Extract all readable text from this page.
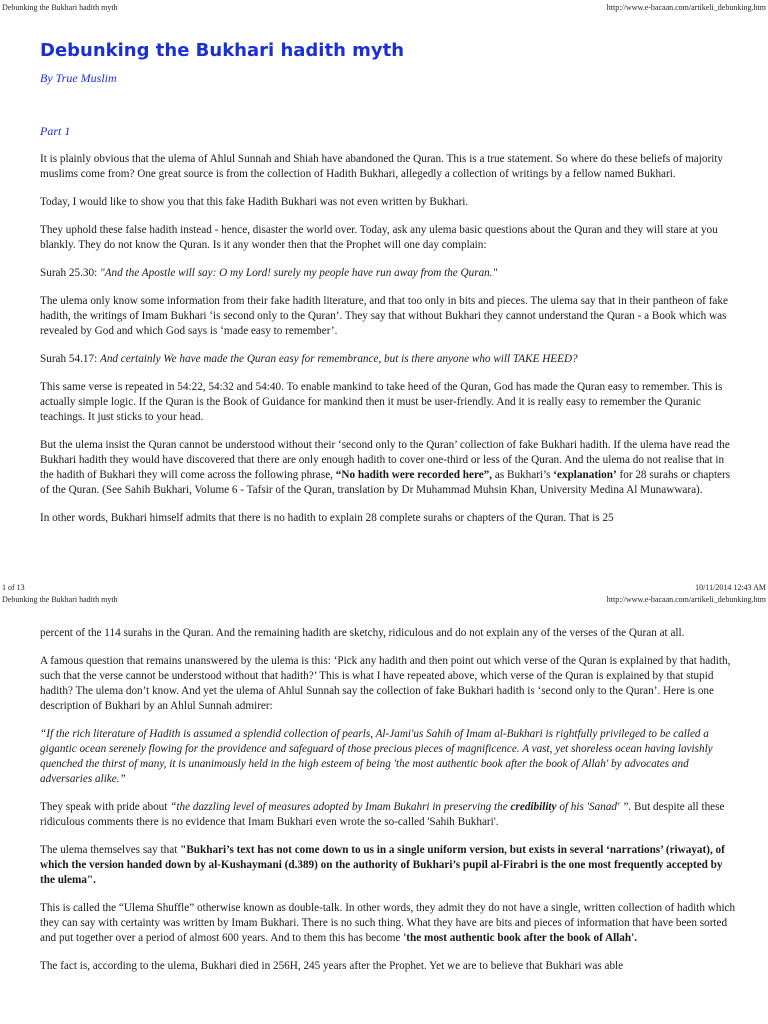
Debunking the Bukhari hadith myth	http://www.e-bacaan.com/artikeli_debunking.htm
Debunking the Bukhari hadith myth
By True Muslim
Part 1

It is plainly obvious that the ulema of Ahlul Sunnah and Shiah have abandoned the Quran. This is a true statement. So where do these beliefs of majority muslims come from? One great source is from the collection of Hadith Bukhari, allegedly a collection of writings by a fellow named Bukhari.

Today, I would like to show you that this fake Hadith Bukhari was not even written by Bukhari.

They uphold these false hadith instead - hence, disaster the world over. Today, ask any ulema basic questions about the Quran and they will stare at you blankly. They do not know the Quran. Is it any wonder then that the Prophet will one day complain:

Surah 25.30: "And the Apostle will say: O my Lord! surely my people have run away from the Quran."

The ulema only know some information from their fake hadith literature, and that too only in bits and pieces. The ulema say that in their pantheon of fake hadith, the writings of Imam Bukhari ‘is second only to the Quran’. They say that without Bukhari they cannot understand the Quran - a Book which was revealed by God and which God says is ‘made easy to remember’.

Surah 54.17: And certainly We have made the Quran easy for remembrance, but is there anyone who will TAKE HEED?

This same verse is repeated in 54:22, 54:32 and 54:40. To enable mankind to take heed of the Quran, God has made the Quran easy to remember. This is actually simple logic. If the Quran is the Book of Guidance for mankind then it must be user-friendly. And it is really easy to remember the Quranic teachings. It just sticks to your head.

But the ulema insist the Quran cannot be understood without their ‘second only to the Quran’ collection of fake Bukhari hadith. If the ulema have read the Bukhari hadith they would have discovered that there are only enough hadith to cover one-third or less of the Quran. And the ulema do not realise that in the hadith of Bukhari they will come across the following phrase, “No hadith were recorded here”, as Bukhari’s ‘explanation’ for 28 surahs or chapters of the Quran. (See Sahih Bukhari, Volume 6 - Tafsir of the Quran, translation by Dr Muhammad Muhsin Khan, University Medina Al Munawwara).

In other words, Bukhari himself admits that there is no hadith to explain 28 complete surahs or chapters of the Quran. That is 25

1 of 13	10/11/2014 12:43 AM
Debunking the Bukhari hadith myth	http://www.e-bacaan.com/artikeli_debunking.htm

percent of the 114 surahs in the Quran. And the remaining hadith are sketchy, ridiculous and do not explain any of the verses of the Quran at all.

A famous question that remains unanswered by the ulema is this: ‘Pick any hadith and then point out which verse of the Quran is explained by that hadith, such that the verse cannot be understood without that hadith?’ This is what I have repeated above, which verse of the Quran is explained by that stupid hadith? The ulema don’t know. And yet the ulema of Ahlul Sunnah say the collection of fake Bukhari hadith is ‘second only to the Quran’. Here is one description of Bukhari by an Ahlul Sunnah admirer:

“If the rich literature of Hadith is assumed a splendid collection of pearls, Al-Jami'us Sahih of Imam al-Bukhari is rightfully privileged to be called a gigantic ocean serenely flowing for the providence and safeguard of those precious pieces of magnificence. A vast, yet shoreless ocean having lavishly quenched the thirst of many, it is unanimously held in the high esteem of being 'the most authentic book after the book of Allah' by advocates and adversaries alike.”

They speak with pride about “the dazzling level of measures adopted by Imam Bukahri in preserving the credibility of his 'Sanad' ”. But despite all these ridiculous comments there is no evidence that Imam Bukhari even wrote the so-called 'Sahih Bukhari'.

The ulema themselves say that "Bukhari’s text has not come down to us in a single uniform version, but exists in several ‘narrations’ (riwayat), of which the version handed down by al-Kushaymani (d.389) on the authority of Bukhari’s pupil al-Firabri is the one most frequently accepted by the ulema".

This is called the “Ulema Shuffle” otherwise known as double-talk. In other words, they admit they do not have a single, written collection of hadith which they can say with certainty was written by Imam Bukhari. There is no such thing. What they have are bits and pieces of information that have been sorted and put together over a period of almost 600 years. And to them this has become 'the most authentic book after the book of Allah'.

The fact is, according to the ulema, Bukhari died in 256H, 245 years after the Prophet. Yet we are to believe that Bukhari was able
